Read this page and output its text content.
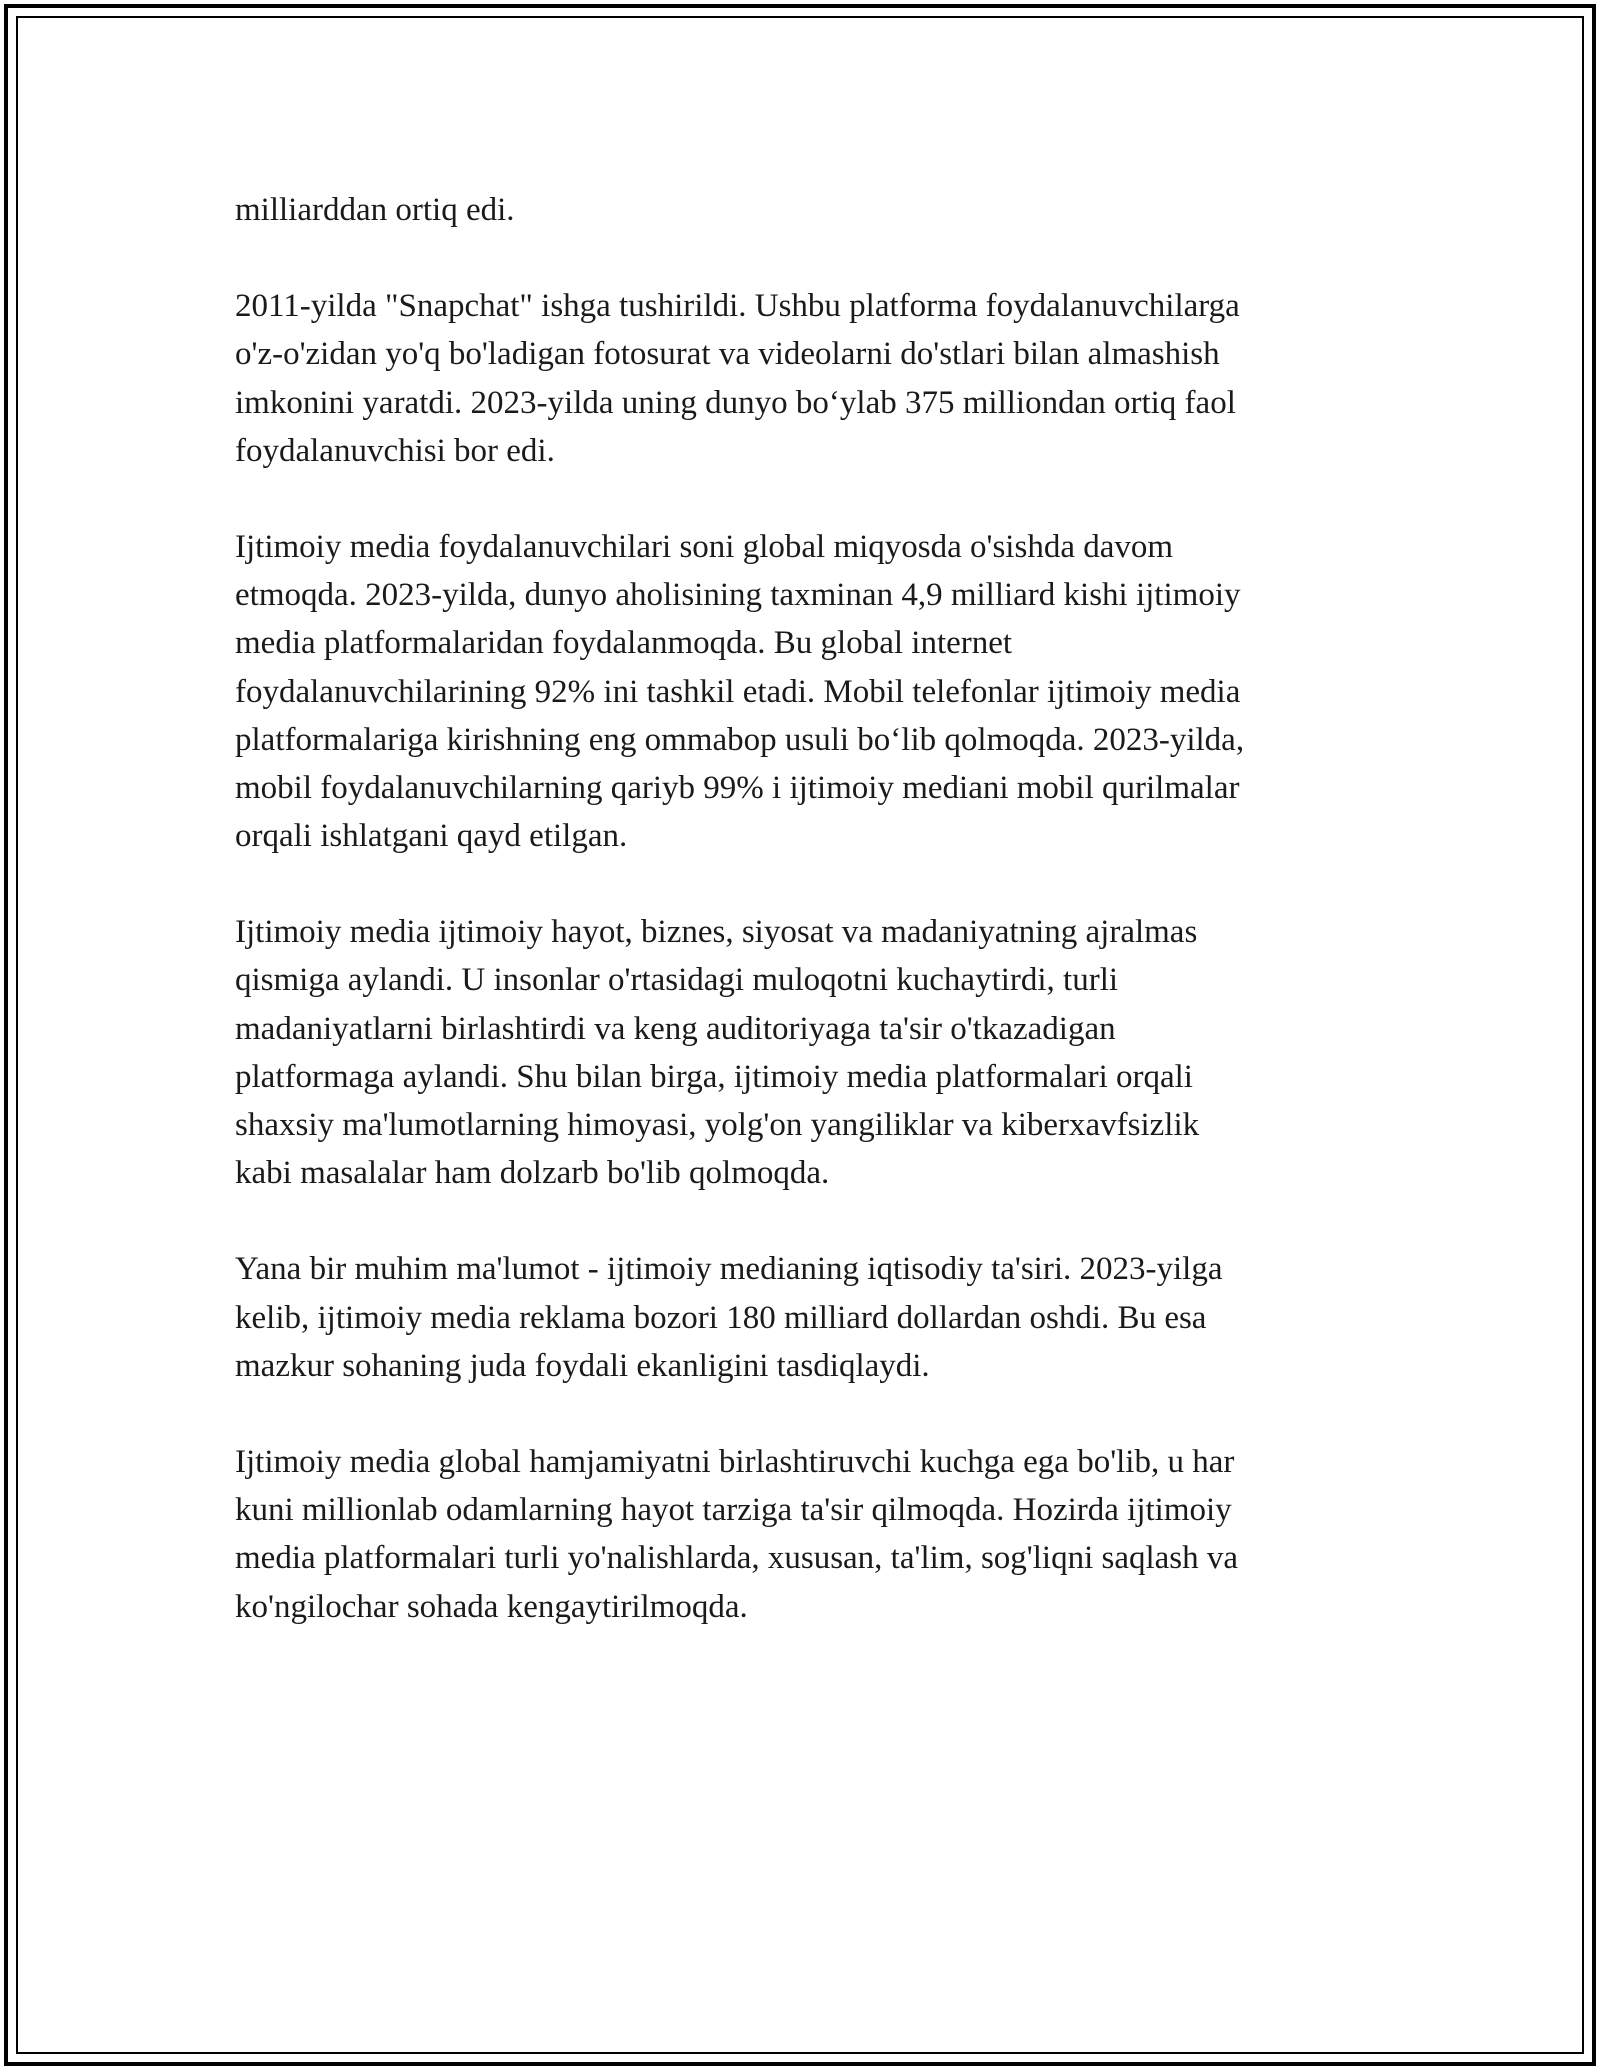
milliarddan ortiq edi.

2011-yilda "Snapchat" ishga tushirildi. Ushbu platforma foydalanuvchilarga
o'z-o'zidan yo'q bo'ladigan fotosurat va videolarni do'stlari bilan almashish
imkonini yaratdi. 2023-yilda uning dunyo bo‘ylab 375 milliondan ortiq faol
foydalanuvchisi bor edi.

Ijtimoiy media foydalanuvchilari soni global miqyosda o'sishda davom
etmoqda. 2023-yilda, dunyo aholisining taxminan 4,9 milliard kishi ijtimoiy
media platformalaridan foydalanmoqda. Bu global internet
foydalanuvchilarining 92% ini tashkil etadi. Mobil telefonlar ijtimoiy media
platformalariga kirishning eng ommabop usuli bo‘lib qolmoqda. 2023-yilda,
mobil foydalanuvchilarning qariyb 99% i ijtimoiy mediani mobil qurilmalar
orqali ishlatgani qayd etilgan.

Ijtimoiy media ijtimoiy hayot, biznes, siyosat va madaniyatning ajralmas
qismiga aylandi. U insonlar o'rtasidagi muloqotni kuchaytirdi, turli
madaniyatlarni birlashtirdi va keng auditoriyaga ta'sir o'tkazadigan
platformaga aylandi. Shu bilan birga, ijtimoiy media platformalari orqali
shaxsiy ma'lumotlarning himoyasi, yolg'on yangiliklar va kiberxavfsizlik
kabi masalalar ham dolzarb bo'lib qolmoqda.

Yana bir muhim ma'lumot - ijtimoiy medianing iqtisodiy ta'siri. 2023-yilga
kelib, ijtimoiy media reklama bozori 180 milliard dollardan oshdi. Bu esa
mazkur sohaning juda foydali ekanligini tasdiqlaydi.

Ijtimoiy media global hamjamiyatni birlashtiruvchi kuchga ega bo'lib, u har
kuni millionlab odamlarning hayot tarziga ta'sir qilmoqda. Hozirda ijtimoiy
media platformalari turli yo'nalishlarda, xususan, ta'lim, sog'liqni saqlash va
ko'ngilochar sohada kengaytirilmoqda.
